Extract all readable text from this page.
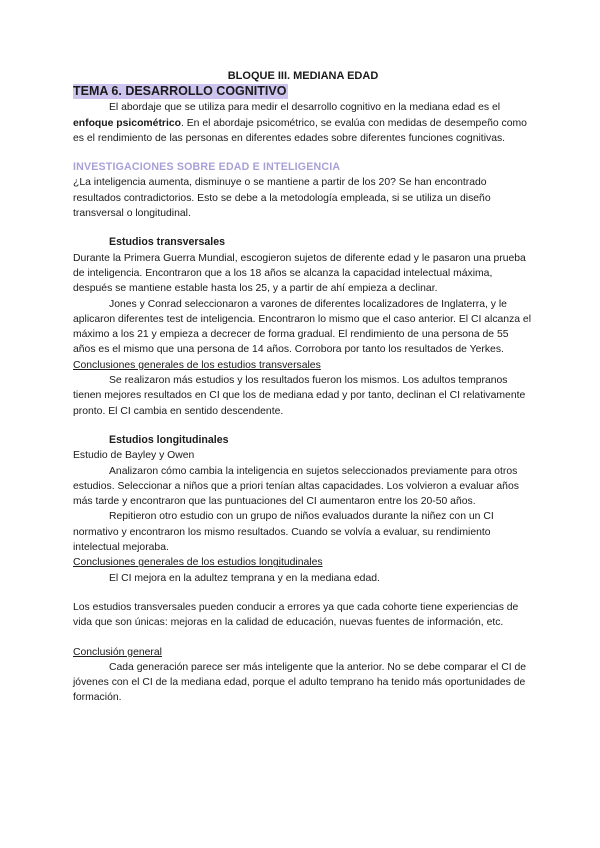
BLOQUE III. MEDIANA EDAD

TEMA 6. DESARROLLO COGNITIVO

El abordaje que se utiliza para medir el desarrollo cognitivo en la mediana edad es el enfoque psicométrico. En el abordaje psicométrico, se evalúa con medidas de desempeño como es el rendimiento de las personas en diferentes edades sobre diferentes funciones cognitivas.

INVESTIGACIONES SOBRE EDAD E INTELIGENCIA

¿La inteligencia aumenta, disminuye o se mantiene a partir de los 20? Se han encontrado resultados contradictorios. Esto se debe a la metodología empleada, si se utiliza un diseño transversal o longitudinal.

Estudios transversales

Durante la Primera Guerra Mundial, escogieron sujetos de diferente edad y le pasaron una prueba de inteligencia. Encontraron que a los 18 años se alcanza la capacidad intelectual máxima, después se mantiene estable hasta los 25, y a partir de ahí empieza a declinar.

Jones y Conrad seleccionaron a varones de diferentes localizadores de Inglaterra, y le aplicaron diferentes test de inteligencia. Encontraron lo mismo que el caso anterior. El CI alcanza el máximo a los 21 y empieza a decrecer de forma gradual. El rendimiento de una persona de 55 años es el mismo que una persona de 14 años. Corrobora por tanto los resultados de Yerkes.

Conclusiones generales de los estudios transversales

Se realizaron más estudios y los resultados fueron los mismos. Los adultos tempranos tienen mejores resultados en CI que los de mediana edad y por tanto, declinan el CI relativamente pronto. El CI cambia en sentido descendente.

Estudios longitudinales

Estudio de Bayley y Owen

Analizaron cómo cambia la inteligencia en sujetos seleccionados previamente para otros estudios. Seleccionar a niños que a priori tenían altas capacidades. Los volvieron a evaluar años más tarde y encontraron que las puntuaciones del CI aumentaron entre los 20-50 años.

Repitieron otro estudio con un grupo de niños evaluados durante la niñez con un CI normativo y encontraron los mismo resultados. Cuando se volvía a evaluar, su rendimiento intelectual mejoraba.

Conclusiones generales de los estudios longitudinales

El CI mejora en la adultez temprana y en la mediana edad.

Los estudios transversales pueden conducir a errores ya que cada cohorte tiene experiencias de vida que son únicas: mejoras en la calidad de educación, nuevas fuentes de información, etc.

Conclusión general

Cada generación parece ser más inteligente que la anterior. No se debe comparar el CI de jóvenes con el CI de la mediana edad, porque el adulto temprano ha tenido más oportunidades de formación.
